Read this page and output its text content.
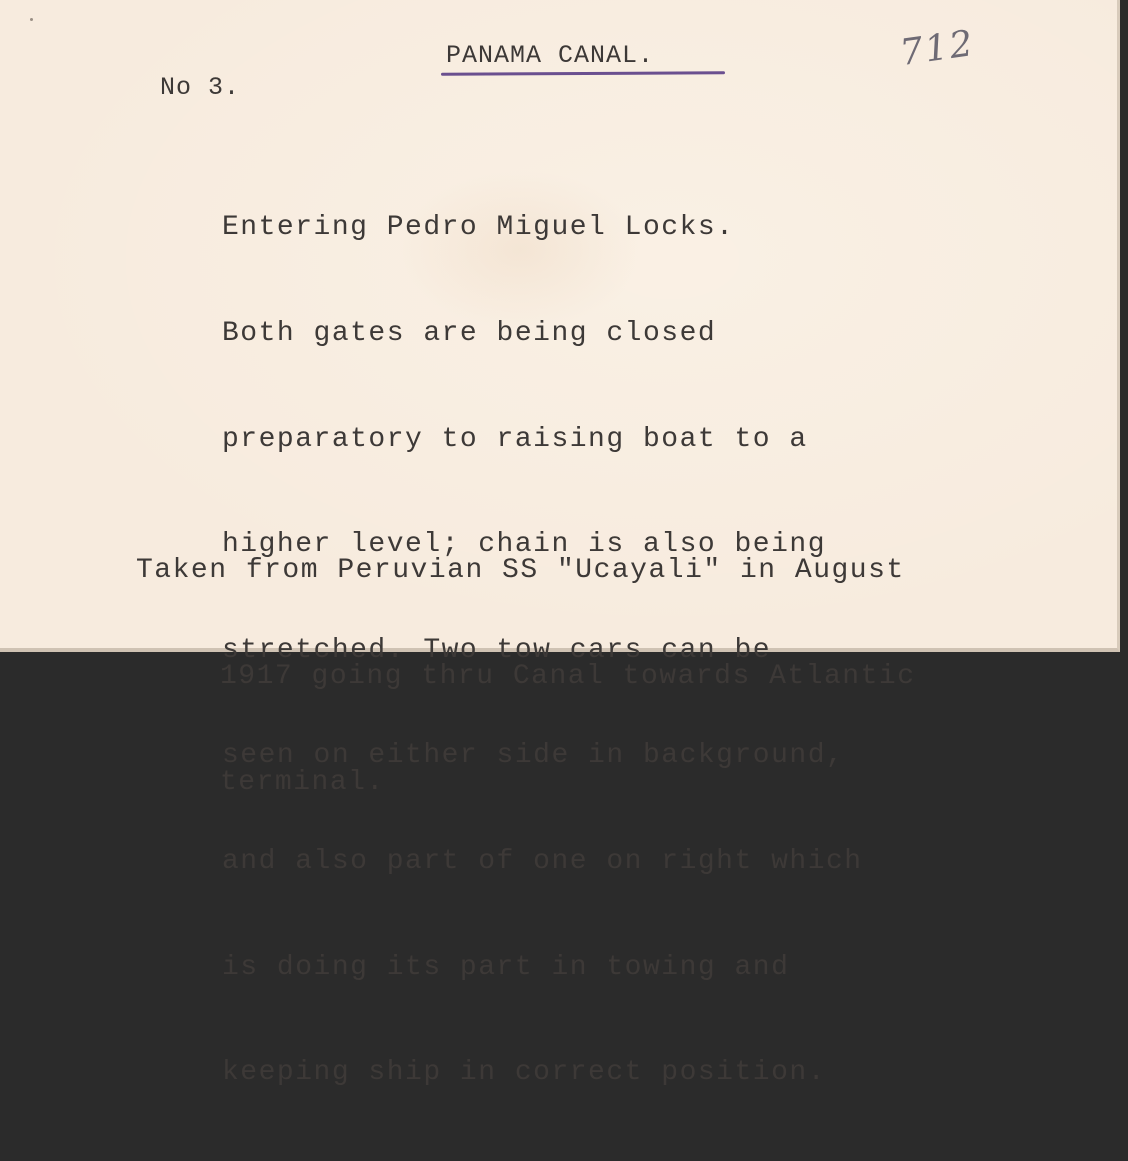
PANAMA CANAL.
No 3.
712

Entering Pedro Miguel Locks.

Both gates are being closed

preparatory to raising boat to a

higher level; chain is also being

stretched. Two tow cars can be

seen on either side in background,

and also part of one on right which

is doing its part in towing and

keeping ship in correct position.

Taken from Peruvian SS "Ucayali" in August

1917 going thru Canal towards Atlantic

terminal.
